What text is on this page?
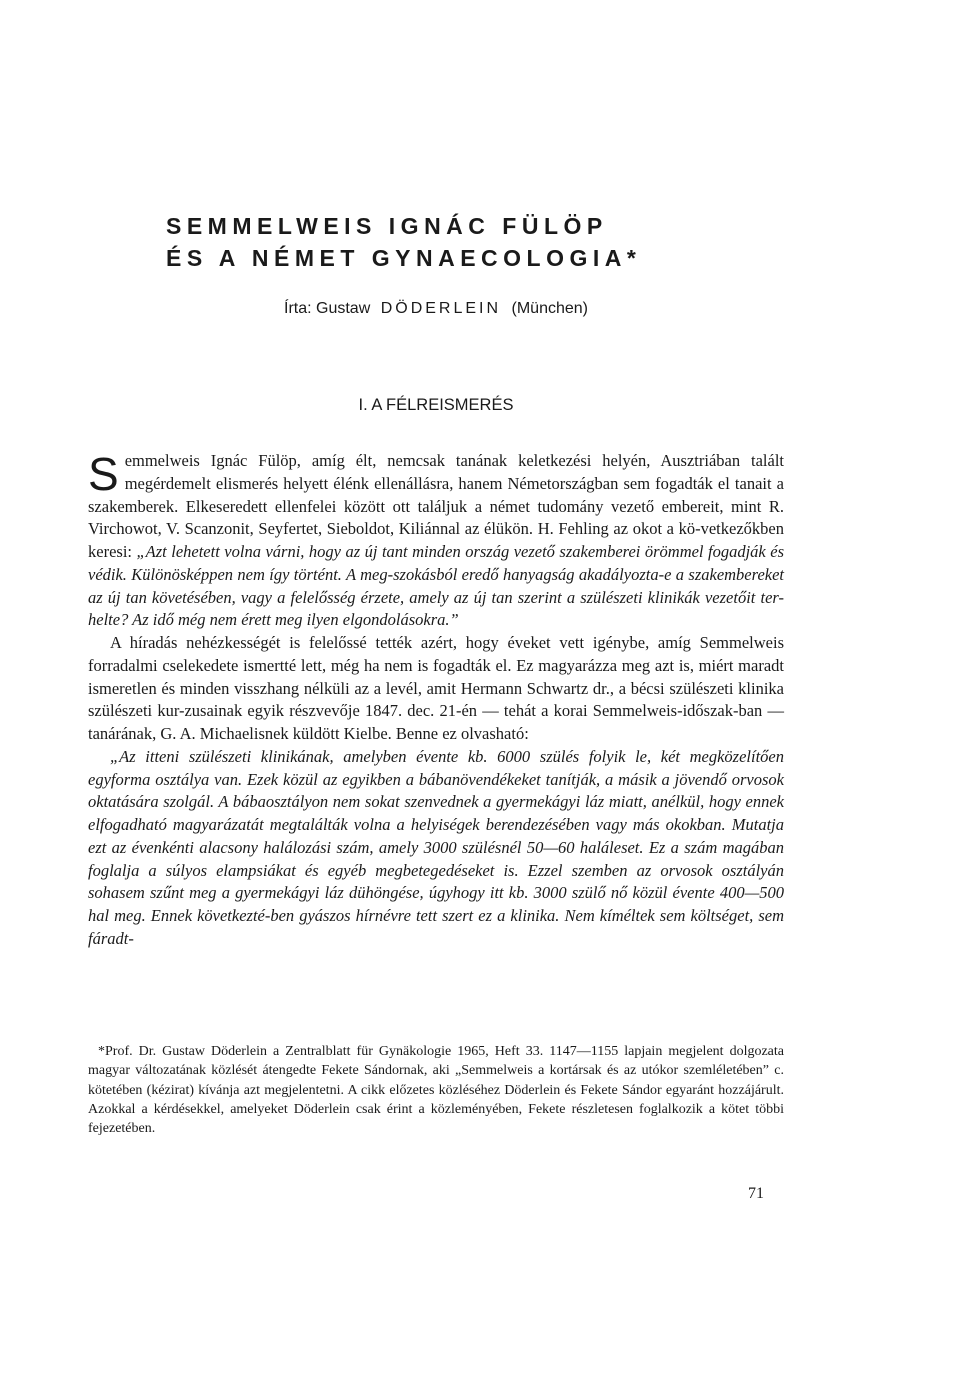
SEMMELWEIS IGNÁC FÜLÖP
ÉS A NÉMET GYNAECOLOGIA*
Írta: Gustaw DÖDERLEIN (München)
I. A FÉLREISMERÉS

Semmelweis Ignác Fülöp, amíg élt, nemcsak tanának keletkezési helyén, Ausztriában talált megérdemelt elismerés helyett élénk ellenállásra, hanem Németországban sem fogadták el tanait a szakemberek. Elkeseredett ellenfelei között ott találjuk a német tudomány vezető embereit, mint R. Virchowot, V. Scanzonit, Seyfertet, Sieboldot, Kiliánnal az élükön. H. Fehling az okot a kö-vetkezőkben keresi: „Azt lehetett volna várni, hogy az új tant minden ország vezető szakemberei örömmel fogadják és védik. Különösképpen nem így történt. A meg-szokásból eredő hanyagság akadályozta-e a szakembereket az új tan követésében, vagy a felelősség érzete, amely az új tan szerint a szülészeti klinikák vezetőit ter-helte? Az idő még nem érett meg ilyen elgondolásokra.”

A híradás nehézkességét is felelőssé tették azért, hogy éveket vett igénybe, amíg Semmelweis forradalmi cselekedete ismertté lett, még ha nem is fogadták el. Ez magyarázza meg azt is, miért maradt ismeretlen és minden visszhang nélküli az a levél, amit Hermann Schwartz dr., a bécsi szülészeti klinika szülészeti kur-zusainak egyik részvevője 1847. dec. 21-én — tehát a korai Semmelweis-időszak-ban — tanárának, G. A. Michaelisnek küldött Kielbe. Benne ez olvasható:

„Az itteni szülészeti klinikának, amelyben évente kb. 6000 szülés folyik le, két megközelítően egyforma osztálya van. Ezek közül az egyikben a bábanövendékeket tanítják, a másik a jövendő orvosok oktatására szolgál. A bábaosztályon nem sokat szenvednek a gyermekágyi láz miatt, anélkül, hogy ennek elfogadható magyarázatát megtalálták volna a helyiségek berendezésében vagy más okokban. Mutatja ezt az évenkénti alacsony halálozási szám, amely 3000 szülésnél 50—60 haláleset. Ez a szám magában foglalja a súlyos elampsiákat és egyéb megbetegedéseket is. Ezzel szemben az orvosok osztályán sohasem szűnt meg a gyermekágyi láz dühöngése, úgyhogy itt kb. 3000 szülő nő közül évente 400—500 hal meg. Ennek következté-ben gyászos hírnévre tett szert ez a klinika. Nem kíméltek sem költséget, sem fáradt-

*Prof. Dr. Gustaw Döderlein a Zentralblatt für Gynäkologie 1965, Heft 33. 1147—1155 lapjain megjelent dolgozata magyar változatának közlését átengedte Fekete Sándornak, aki „Semmelweis a kortársak és az utókor szemléletében” c. kötetében (kézirat) kívánja azt megjelentetni. A cikk előzetes közléséhez Döderlein és Fekete Sándor egyaránt hozzájárult. Azokkal a kérdésekkel, amelyeket Döderlein csak érint a közleményében, Fekete részletesen foglalkozik a kötet többi fejezetében.

71
